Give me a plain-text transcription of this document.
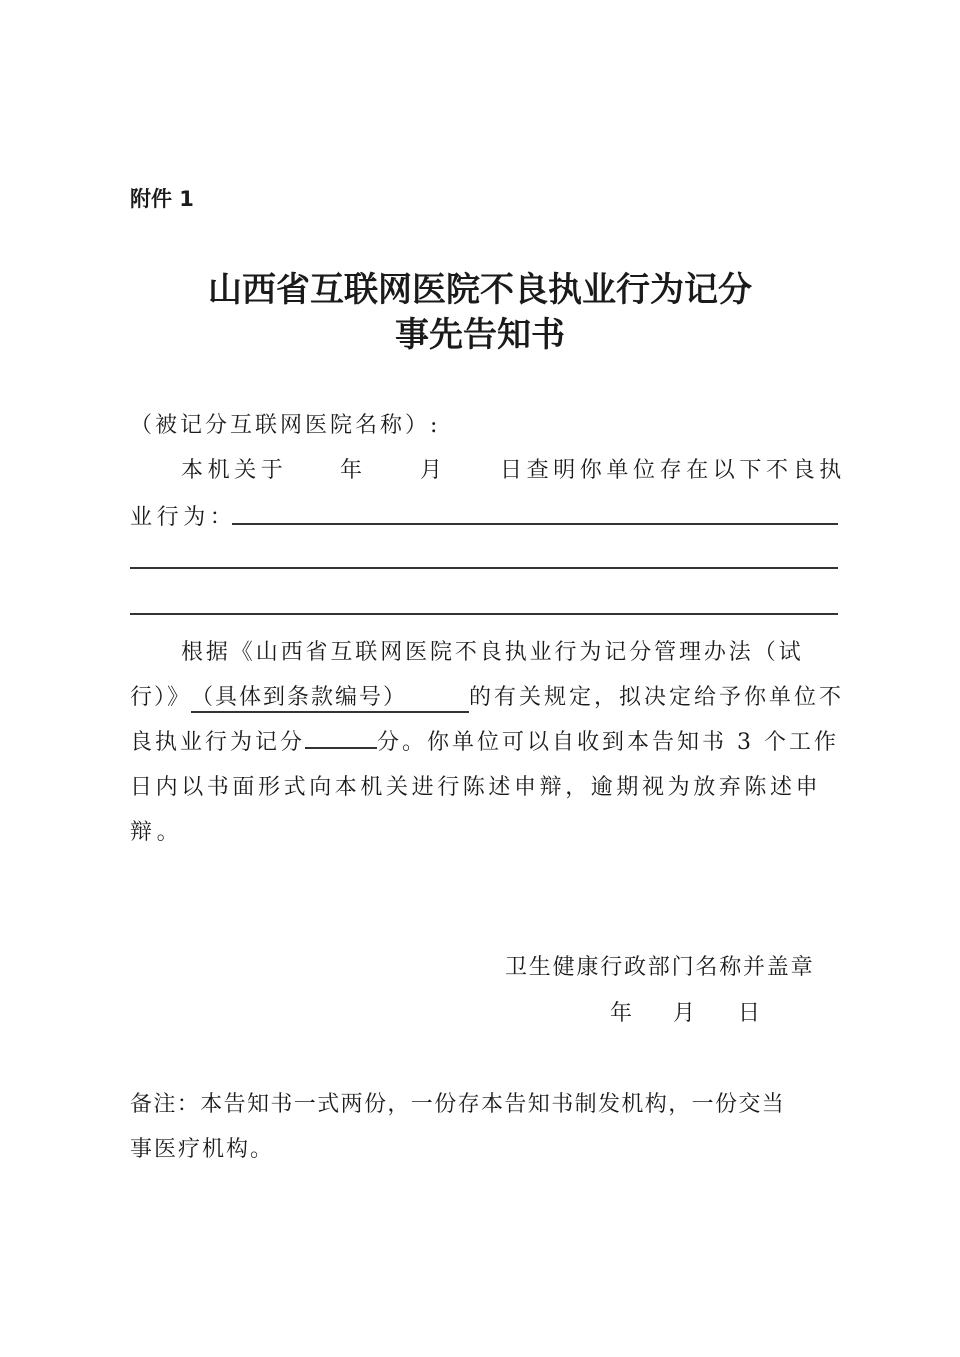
附件 1
山西省互联网医院不良执业行为记分
事先告知书
（被记分互联网医院名称）:
本机关于 年 月 日查明你单位存在以下不良执
业行为：
根据《山西省互联网医院不良执业行为记分管理办法（试
行）》（具体到条款编号）	的有关规定，拟决定给予你单位不
良执业行为记分	分。你单位可以自收到本告知书 3 个工作
日内以书面形式向本机关进行陈述申辩，逾期视为放弃陈述申
辩。
卫生健康行政部门名称并盖章
年 月 日
备注：本告知书一式两份，一份存本告知书制发机构，一份交当
事医疗机构。
